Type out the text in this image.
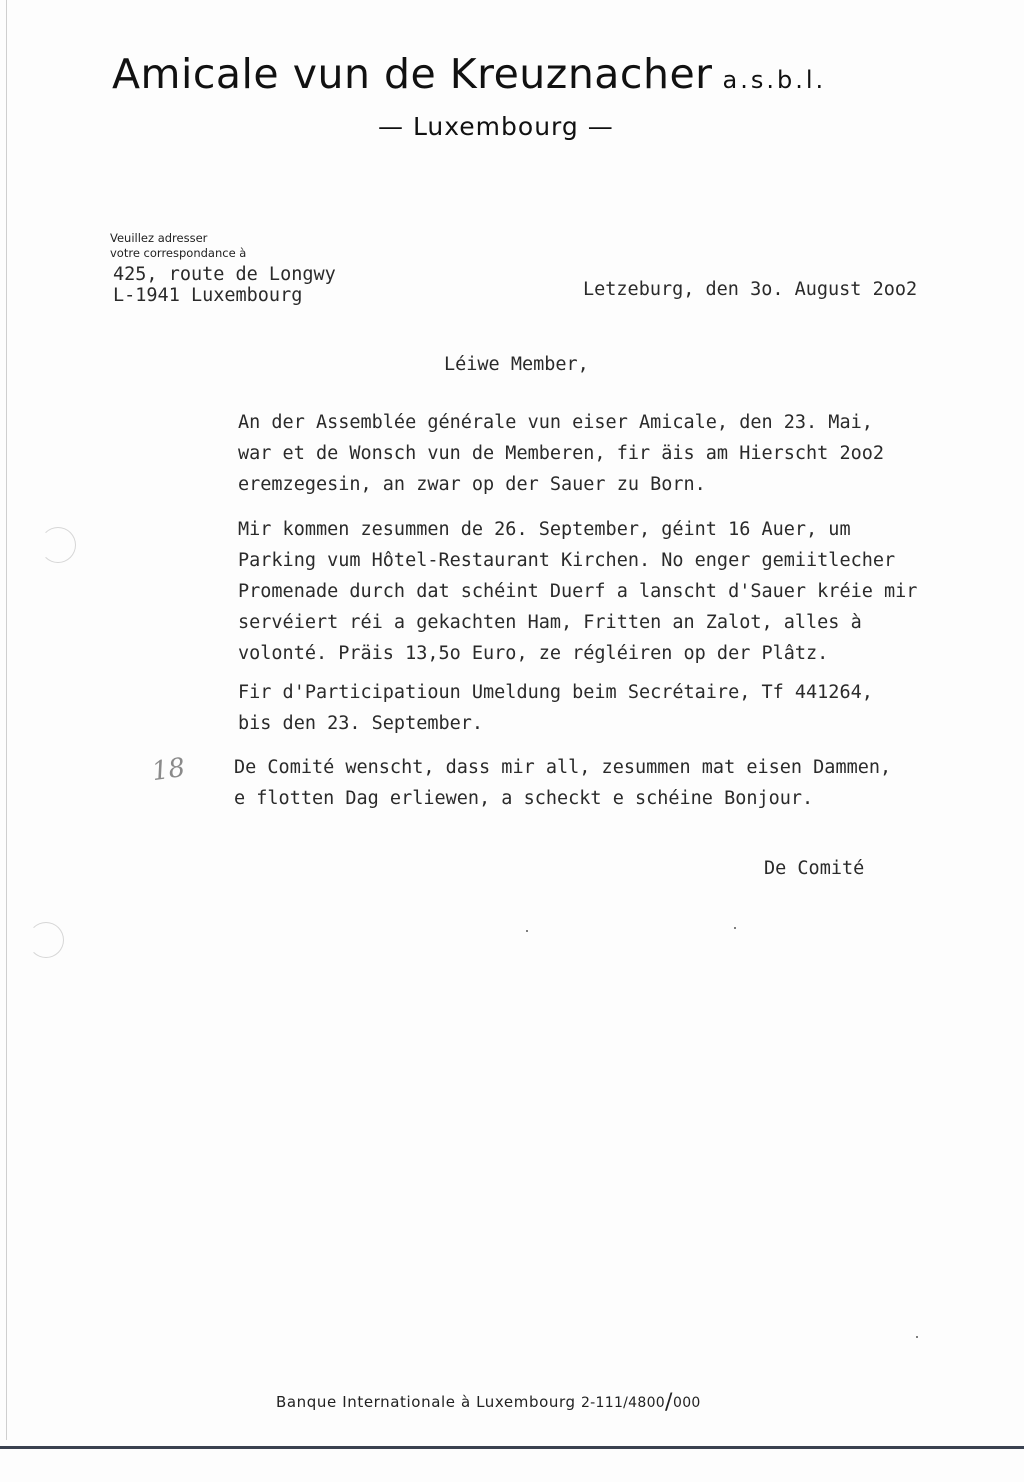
Amicale vun de Kreuznacher a.s.b.l.
— Luxembourg —
Veuillez adresser
votre correspondance à
425, route de Longwy
L-1941 Luxembourg	Letzeburg, den 3o. August 2oo2
Léiwe Member,
An der Assemblée générale vun eiser Amicale, den 23. Mai,
war et de Wonsch vun de Memberen, fir äis am Hierscht 2oo2
eremzegesin, an zwar op der Sauer zu Born.
Mir kommen zesummen de 26. September, géint 16 Auer, um
Parking vum Hôtel-Restaurant Kirchen. No enger gemiitlecher
Promenade durch dat schéint Duerf a lanscht d'Sauer kréie mir
servéiert réi a gekachten Ham, Fritten an Zalot, alles à
volonté. Präis 13,5o Euro, ze régléiren op der Plâtz.
Fir d'Participatioun Umeldung beim Secrétaire, Tf 441264,
bis den 23. September.
18	De Comité wenscht, dass mir all, zesummen mat eisen Dammen,
e flotten Dag erliewen, a scheckt e schéine Bonjour.
De Comité
Banque Internationale à Luxembourg 2-111/4800/000
